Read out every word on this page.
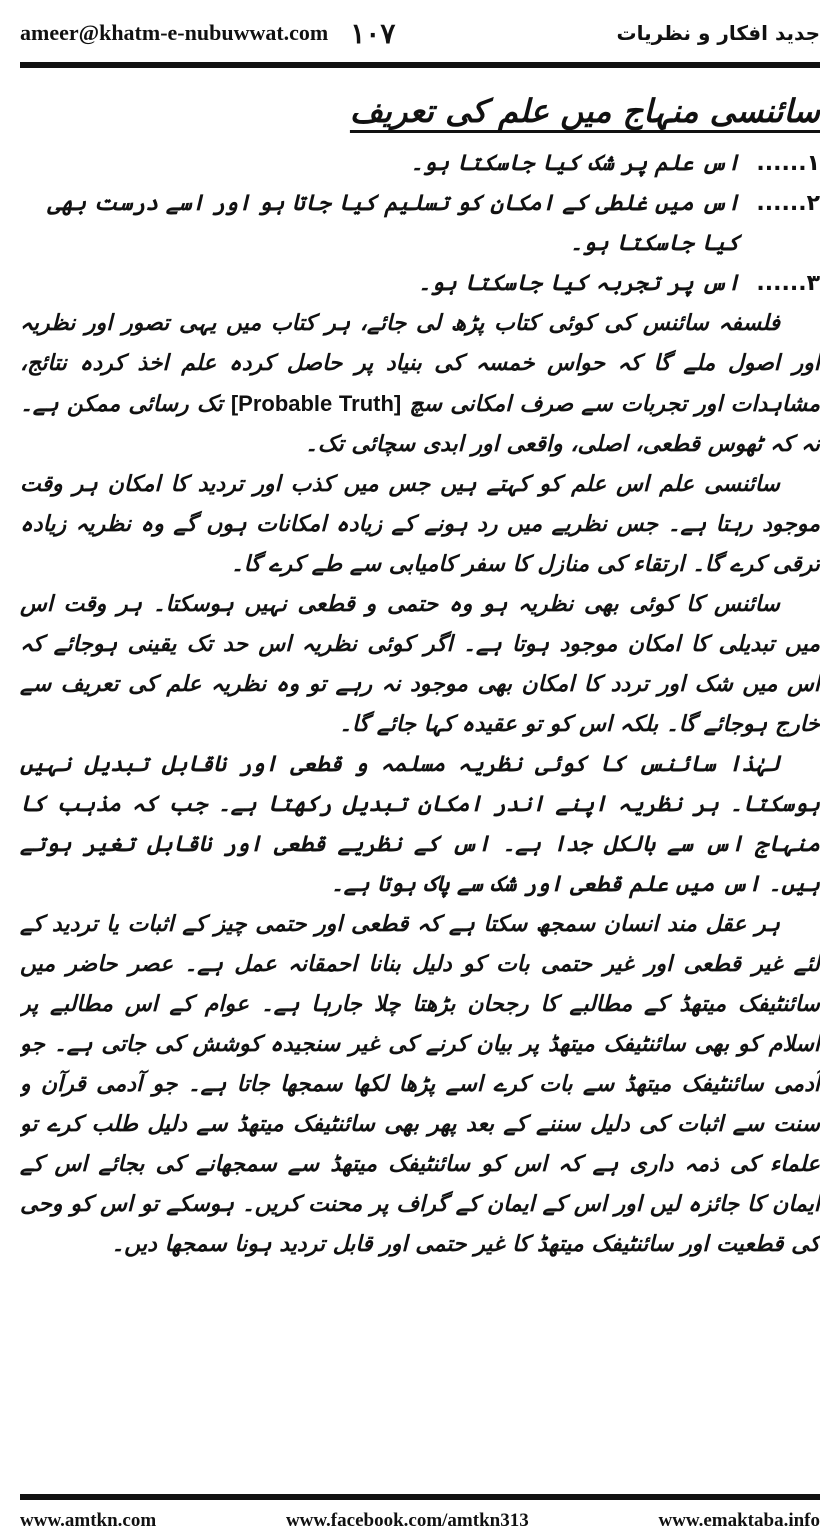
ameer@khatm-e-nubuwwat.com ۱۰۷	جدید افکار و نظریات
سائنسی منہاج میں علم کی تعریف
۱......
اس علم پر شک کیا جاسکتا ہو۔
۲......
اس میں غلطی کے امکان کو تسلیم کیا جاتا ہو اور اسے درست بھی کیا جاسکتا ہو۔
۳......
اس پر تجربہ کیا جاسکتا ہو۔

فلسفہ سائنس کی کوئی کتاب پڑھ لی جائے، ہر کتاب میں یہی تصور اور نظریہ اور اصول ملے گا کہ حواس خمسہ کی بنیاد پر حاصل کردہ علم اخذ کردہ نتائج، مشاہدات اور تجربات سے صرف امکانی سچ [Probable Truth] تک رسائی ممکن ہے۔ نہ کہ ٹھوس قطعی، اصلی، واقعی اور ابدی سچائی تک۔

سائنسی علم اس علم کو کہتے ہیں جس میں کذب اور تردید کا امکان ہر وقت موجود رہتا ہے۔ جس نظریے میں رد ہونے کے زیادہ امکانات ہوں گے وہ نظریہ زیادہ ترقی کرے گا۔ ارتقاء کی منازل کا سفر کامیابی سے طے کرے گا۔

سائنس کا کوئی بھی نظریہ ہو وہ حتمی و قطعی نہیں ہوسکتا۔ ہر وقت اس میں تبدیلی کا امکان موجود ہوتا ہے۔ اگر کوئی نظریہ اس حد تک یقینی ہوجائے کہ اس میں شک اور تردد کا امکان بھی موجود نہ رہے تو وہ نظریہ علم کی تعریف سے خارج ہوجائے گا۔ بلکہ اس کو تو عقیدہ کہا جائے گا۔

لہٰذا سائنس کا کوئی نظریہ مسلمہ و قطعی اور ناقابل تبدیل نہیں ہوسکتا۔ ہر نظریہ اپنے اندر امکان تبدیل رکھتا ہے۔ جب کہ مذہب کا منہاج اس سے بالکل جدا ہے۔ اس کے نظریے قطعی اور ناقابل تغیر ہوتے ہیں۔ اس میں علم قطعی اور شک سے پاک ہوتا ہے۔

ہر عقل مند انسان سمجھ سکتا ہے کہ قطعی اور حتمی چیز کے اثبات یا تردید کے لئے غیر قطعی اور غیر حتمی بات کو دلیل بنانا احمقانہ عمل ہے۔ عصر حاضر میں سائنٹیفک میتھڈ کے مطالبے کا رجحان بڑھتا چلا جارہا ہے۔ عوام کے اس مطالبے پر اسلام کو بھی سائنٹیفک میتھڈ پر بیان کرنے کی غیر سنجیدہ کوشش کی جاتی ہے۔ جو آدمی سائنٹیفک میتھڈ سے بات کرے اسے پڑھا لکھا سمجھا جاتا ہے۔ جو آدمی قرآن و سنت سے اثبات کی دلیل سننے کے بعد پھر بھی سائنٹیفک میتھڈ سے دلیل طلب کرے تو علماء کی ذمہ داری ہے کہ اس کو سائنٹیفک میتھڈ سے سمجھانے کی بجائے اس کے ایمان کا جائزہ لیں اور اس کے ایمان کے گراف پر محنت کریں۔ ہوسکے تو اس کو وحی کی قطعیت اور سائنٹیفک میتھڈ کا غیر حتمی اور قابل تردید ہونا سمجھا دیں۔

www.amtkn.com	www.facebook.com/amtkn313	www.emaktaba.info
